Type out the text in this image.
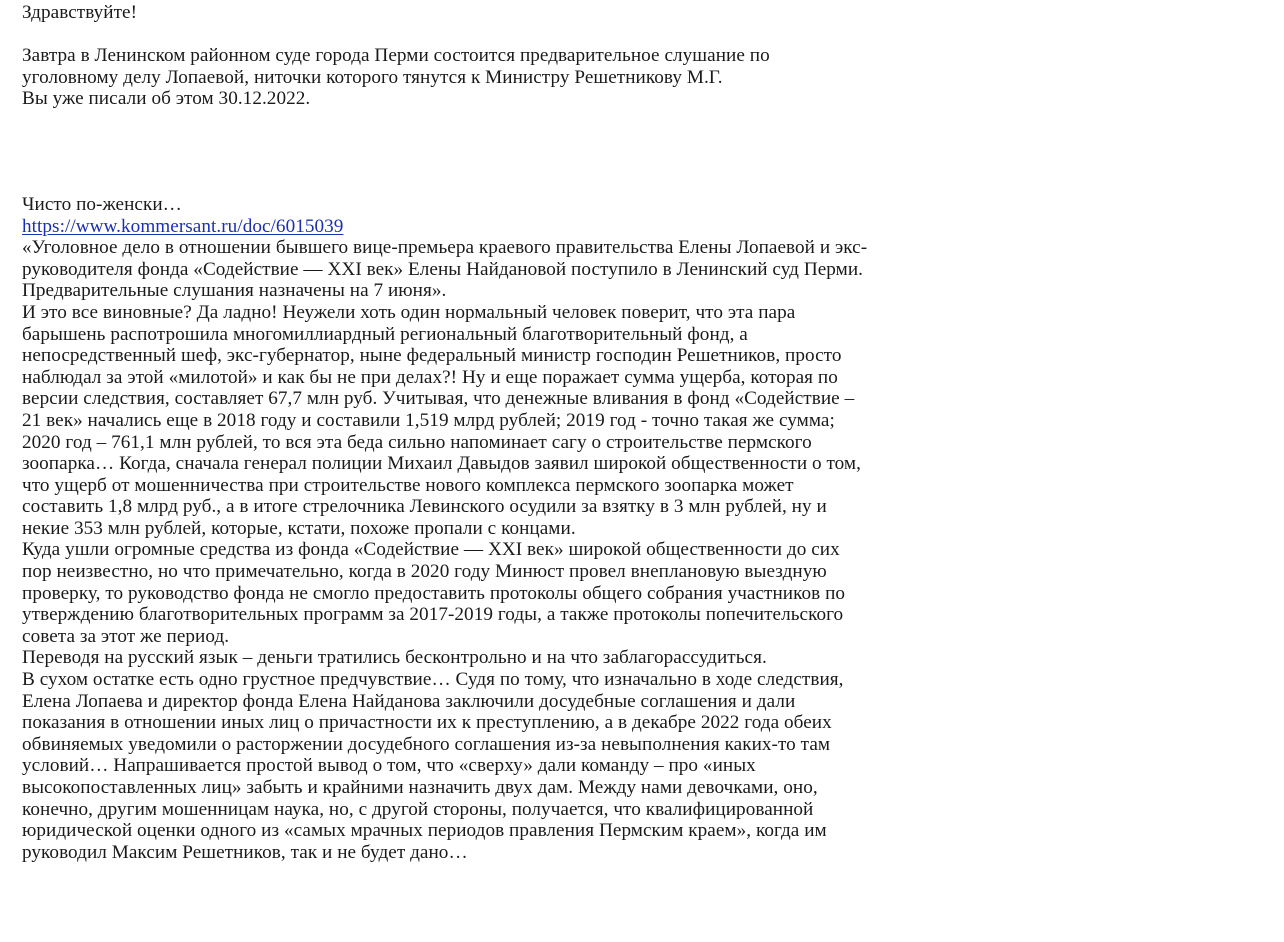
Здравствуйте!

Завтра в Ленинском районном суде города Перми состоится предварительное слушание по

уголовному делу Лопаевой, ниточки которого тянутся к Министру Решетникову М.Г.

Вы уже писали об этом 30.12.2022.

Чисто по-женски…

https://www.kommersant.ru/doc/6015039

«Уголовное дело в отношении бывшего вице-премьера краевого правительства Елены Лопаевой и экс-

руководителя фонда «Содействие — XXI век» Елены Найдановой поступило в Ленинский суд Перми.

Предварительные слушания назначены на 7 июня».

И это все виновные? Да ладно! Неужели хоть один нормальный человек поверит, что эта пара

барышень распотрошила многомиллиардный региональный благотворительный фонд, а

непосредственный шеф, экс-губернатор, ныне федеральный министр господин Решетников, просто

наблюдал за этой «милотой» и как бы не при делах?! Ну и еще поражает сумма ущерба, которая по

версии следствия, составляет 67,7 млн руб. Учитывая, что денежные вливания в фонд «Содействие –

21 век» начались еще в 2018 году и составили 1,519 млрд рублей; 2019 год - точно такая же сумма;

2020 год – 761,1 млн рублей, то вся эта беда сильно напоминает сагу о строительстве пермского

зоопарка… Когда, сначала генерал полиции Михаил Давыдов заявил широкой общественности о том,

что ущерб от мошенничества при строительстве нового комплекса пермского зоопарка может

составить 1,8 млрд руб., а в итоге стрелочника Левинского осудили за взятку в 3 млн рублей, ну и

некие 353 млн рублей, которые, кстати, похоже пропали с концами.

Куда ушли огромные средства из фонда «Содействие — XXI век» широкой общественности до сих

пор неизвестно, но что примечательно, когда в 2020 году Минюст провел внеплановую выездную

проверку, то руководство фонда не смогло предоставить протоколы общего собрания участников по

утверждению благотворительных программ за 2017-2019 годы, а также протоколы попечительского

совета за этот же период.

Переводя на русский язык – деньги тратились бесконтрольно и на что заблагорассудиться.

В сухом остатке есть одно грустное предчувствие… Судя по тому, что изначально в ходе следствия,

Елена Лопаева и директор фонда Елена Найданова заключили досудебные соглашения и дали

показания в отношении иных лиц о причастности их к преступлению, а в декабре 2022 года обеих

обвиняемых уведомили о расторжении досудебного соглашения из-за невыполнения каких-то там

условий… Напрашивается простой вывод о том, что «сверху» дали команду – про «иных

высокопоставленных лиц» забыть и крайними назначить двух дам. Между нами девочками, оно,

конечно, другим мошенницам наука, но, с другой стороны, получается, что квалифицированной

юридической оценки одного из «самых мрачных периодов правления Пермским краем», когда им

руководил Максим Решетников, так и не будет дано…
